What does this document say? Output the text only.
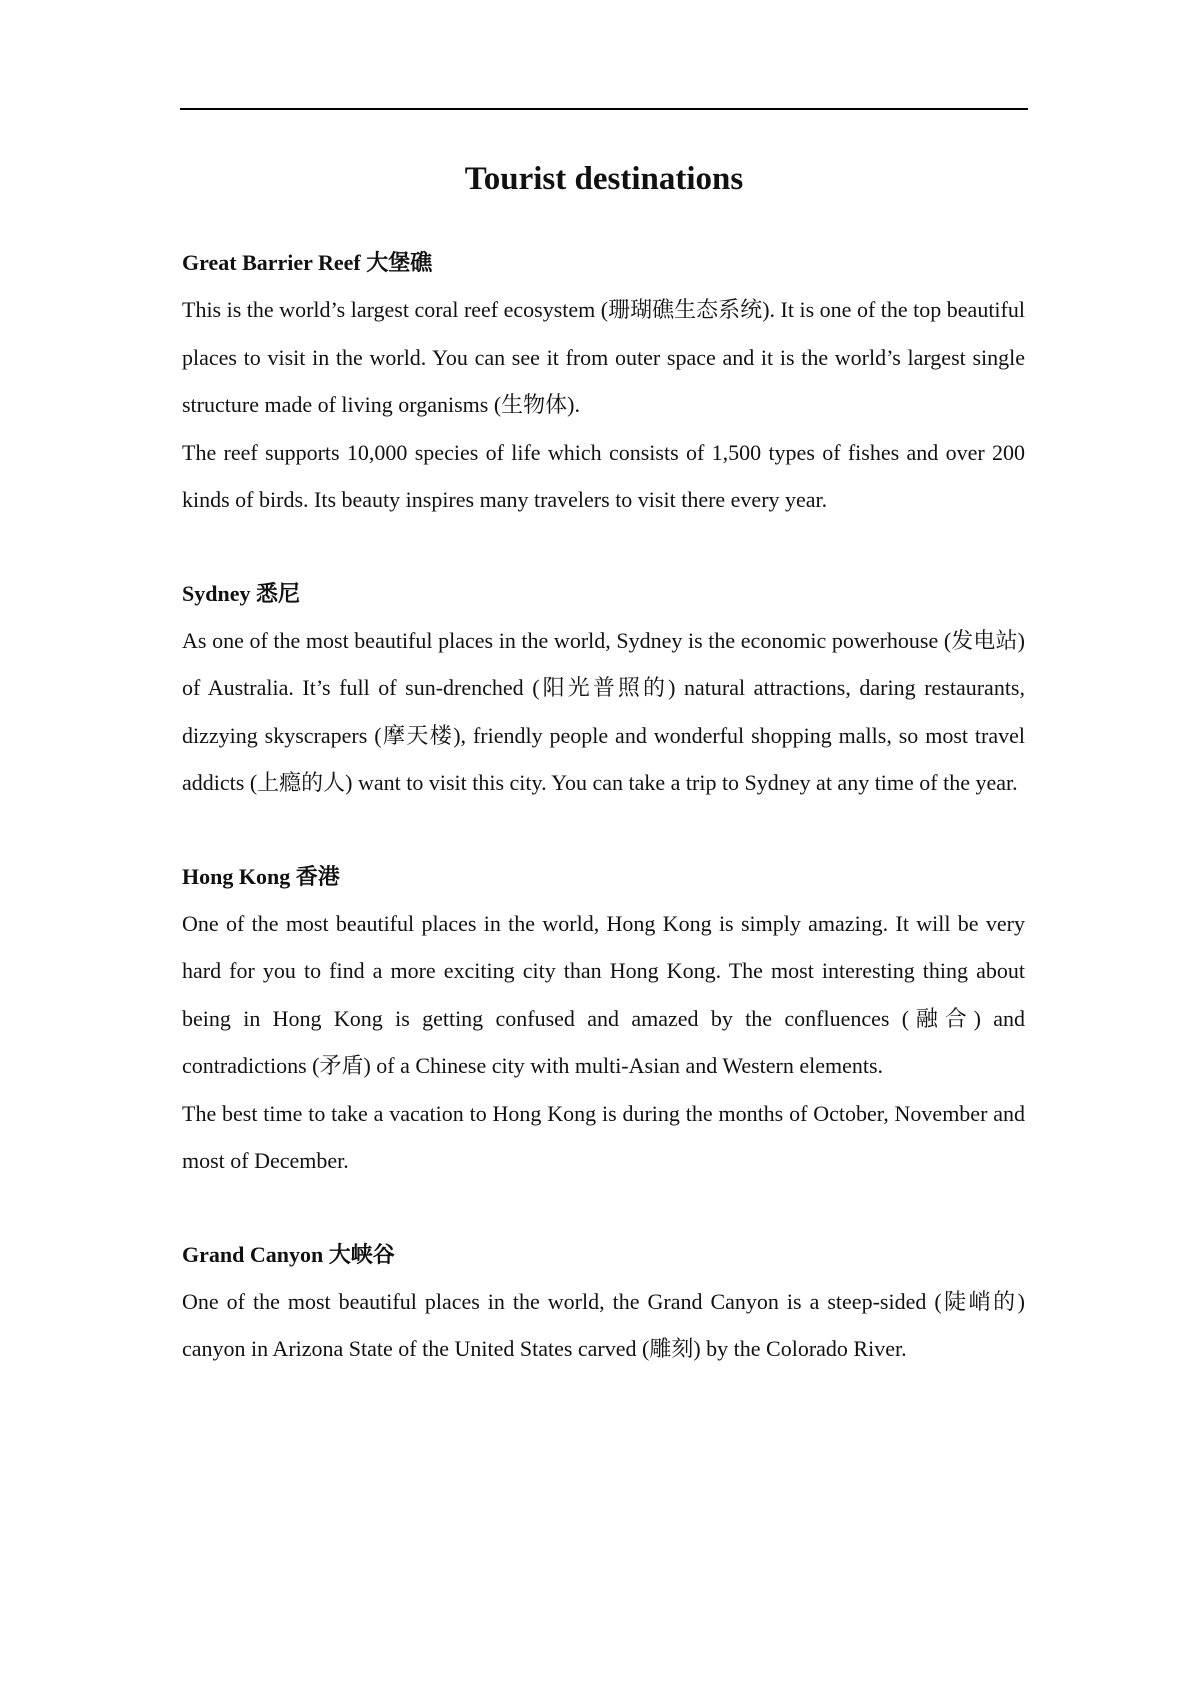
Tourist destinations
Great Barrier Reef 大堡礁

This is the world’s largest coral reef ecosystem (珊瑚礁生态系统). It is one of the top beautiful places to visit in the world. You can see it from outer space and it is the world’s largest single structure made of living organisms (生物体).

The reef supports 10,000 species of life which consists of 1,500 types of fishes and over 200 kinds of birds. Its beauty inspires many travelers to visit there every year.

Sydney 悉尼

As one of the most beautiful places in the world, Sydney is the economic powerhouse (发电站) of Australia. It’s full of sun-drenched (阳光普照的) natural attractions, daring restaurants, dizzying skyscrapers (摩天楼), friendly people and wonderful shopping malls, so most travel addicts (上瘾的人) want to visit this city. You can take a trip to Sydney at any time of the year.

Hong Kong 香港

One of the most beautiful places in the world, Hong Kong is simply amazing. It will be very hard for you to find a more exciting city than Hong Kong. The most interesting thing about being in Hong Kong is getting confused and amazed by the confluences (融合) and contradictions (矛盾) of a Chinese city with multi-Asian and Western elements.

The best time to take a vacation to Hong Kong is during the months of October, November and most of December.

Grand Canyon 大峡谷

One of the most beautiful places in the world, the Grand Canyon is a steep-sided (陡峭的) canyon in Arizona State of the United States carved (雕刻) by the Colorado River.
